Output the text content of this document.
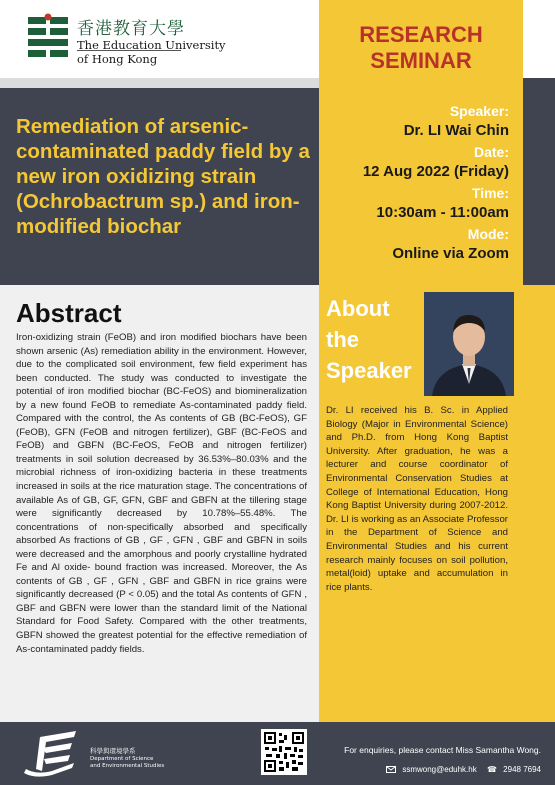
香港教育大學
The Education University
of Hong Kong
RESEARCH SEMINAR
Remediation of arsenic-contaminated paddy field by a new iron oxidizing strain (Ochrobactrum sp.) and iron-modified biochar
Speaker:
Dr. LI Wai Chin
Date:
12 Aug 2022 (Friday)
Time:
10:30am - 11:00am
Mode:
Online via Zoom
Abstract
Iron-oxidizing strain (FeOB) and iron modified biochars have been shown arsenic (As) remediation ability in the environment. However, due to the complicated soil environment, few field experiment has been conducted. The study was conducted to investigate the potential of iron modified biochar (BC-FeOS) and biomineralization by a new found FeOB to remediate As-contaminated paddy field. Compared with the control, the As contents of GB (BC-FeOS), GF (FeOB), GFN (FeOB and nitrogen fertilizer), GBF (BC-FeOS and FeOB) and GBFN (BC-FeOS, FeOB and nitrogen fertilizer) treatments in soil solution decreased by 36.53%–80.03% and the microbial richness of iron-oxidizing bacteria in these treatments increased in soils at the rice maturation stage. The concentrations of available As of GB, GF, GFN, GBF and GBFN at the tillering stage were significantly decreased by 10.78%–55.48%. The concentrations of non-specifically absorbed and specifically absorbed As fractions of GB , GF , GFN , GBF and GBFN in soils were decreased and the amorphous and poorly crystalline hydrated Fe and Al oxide- bound fraction was increased. Moreover, the As contents of GB , GF , GFN , GBF and GBFN in rice grains were significantly decreased (P < 0.05) and the total As contents of GFN , GBF and GBFN were lower than the standard limit of the National Standard for Food Safety. Compared with the other treatments, GBFN showed the greatest potential for the effective remediation of As-contaminated paddy fields.
About the Speaker
Dr. LI received his B. Sc. in Applied Biology (Major in Environmental Science) and Ph.D. from Hong Kong Baptist University. After graduation, he was a lecturer and course coordinator of Environmental Conservation Studies at College of International Education, Hong Kong Baptist University during 2007-2012. Dr. LI is working as an Associate Professor in the Department of Science and Environmental Studies and his current research mainly focuses on soil pollution, metal(loid) uptake and accumulation in rice plants.
科學與環境學系
Department of Science
and Environmental Studies
For enquiries, please contact Miss Samantha Wong.
ssmwong@eduhk.hk ☎ 2948 7694
